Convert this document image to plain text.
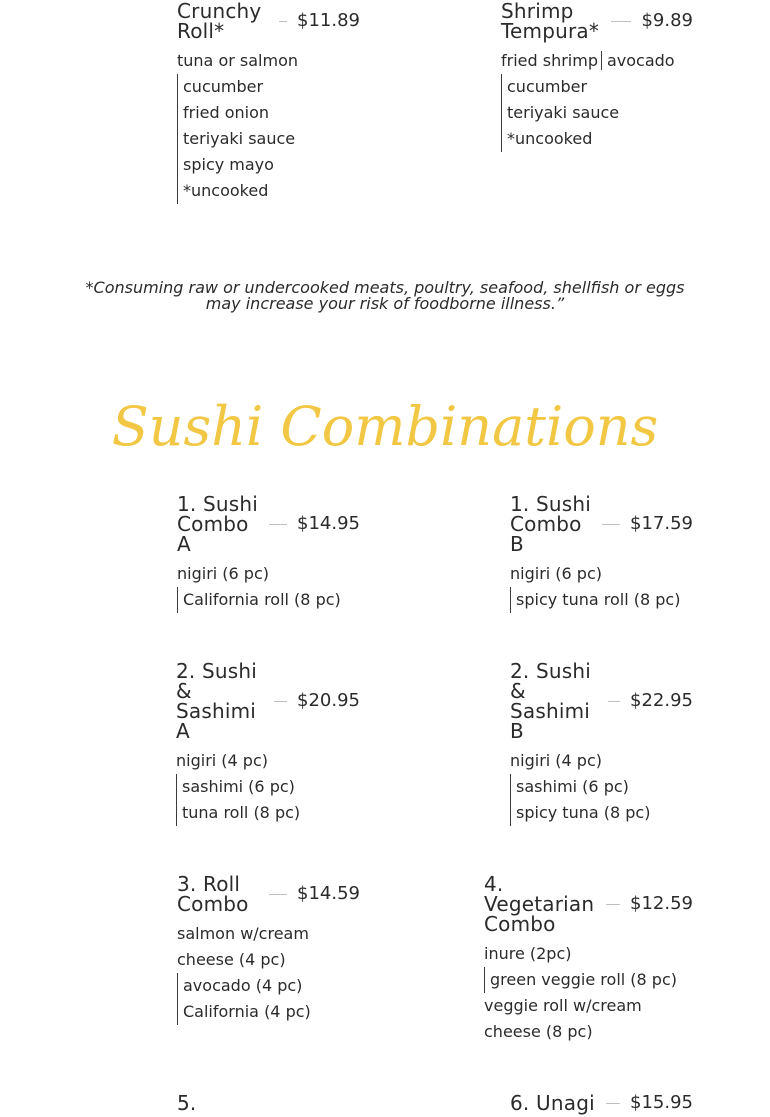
Crunchy Roll*	$11.89
tuna or salmon
cucumber
fried onion
teriyaki sauce
spicy mayo
*uncooked
Shrimp Tempura* $9.89
fried shrimp avocado
cucumber
teriyaki sauce
*uncooked
*Consuming raw or undercooked meats, poultry, seafood, shellfish or eggs
may increase your risk of foodborne illness.”
Sushi Combinations
1. Sushi Combo A
$14.95
nigiri (6 pc)
California roll (8 pc)
1. Sushi Combo B
$17.59
nigiri (6 pc)
spicy tuna roll (8 pc)
2. Sushi & Sashimi A
$20.95
nigiri (4 pc)
sashimi (6 pc)
tuna roll (8 pc)
2. Sushi & Sashimi B
$22.95
nigiri (4 pc)
sashimi (6 pc)
spicy tuna (8 pc)
3. Roll Combo	$14.59
salmon w/cream cheese (4 pc)
avocado (4 pc)
California (4 pc)
4. Vegetarian Combo
$12.59
inure (2pc)
green veggie roll (8 pc)
veggie roll w/cream cheese (8 pc)
5.	6. Unagi $15.95
